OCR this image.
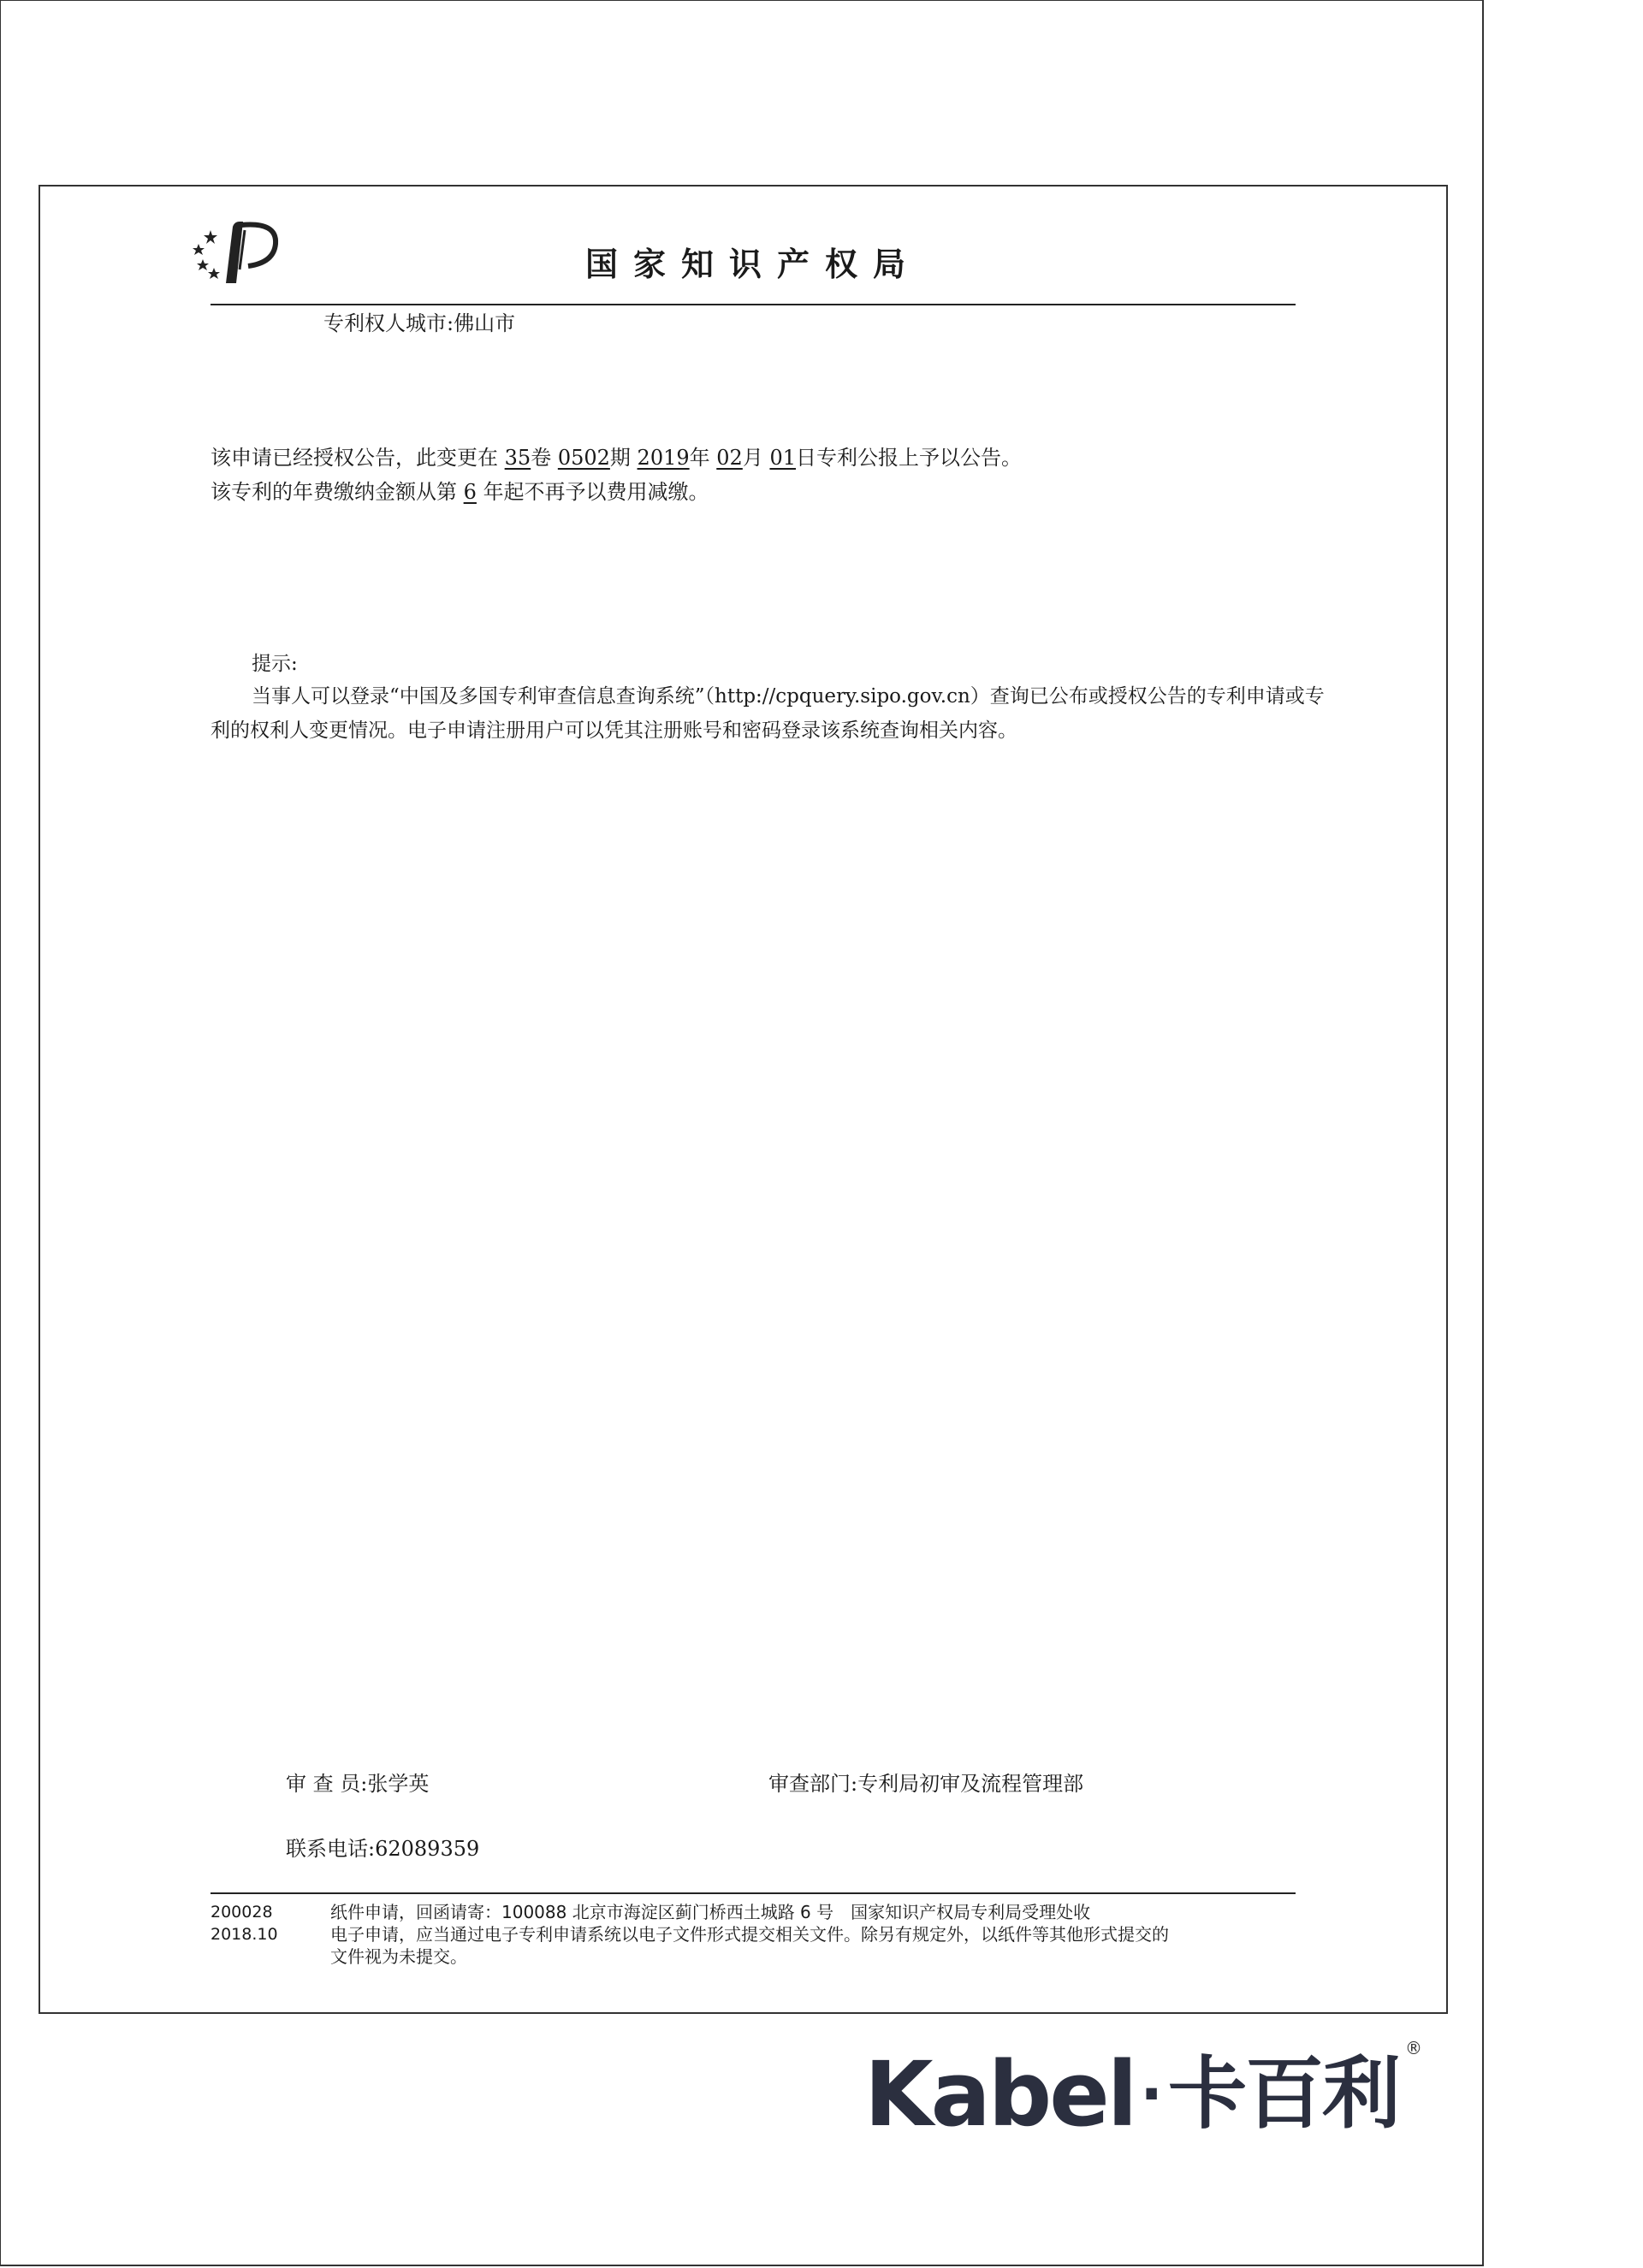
国家知识产权局
专利权人城市:佛山市
该申请已经授权公告，此变更在 35卷 0502期 2019年 02月 01日专利公报上予以公告。
该专利的年费缴纳金额从第 6 年起不再予以费用减缴。
提示:
当事人可以登录“中国及多国专利审查信息查询系统”（http://cpquery.sipo.gov.cn）查询已公布或授权公告的专利申请或专
利的权利人变更情况。电子申请注册用户可以凭其注册账号和密码登录该系统查询相关内容。
审 查 员:张学英	审查部门:专利局初审及流程管理部
联系电话:62089359
200028
2018.10
纸件申请，回函请寄：100088 北京市海淀区蓟门桥西土城路 6 号　国家知识产权局专利局受理处收
电子申请，应当通过电子专利申请系统以电子文件形式提交相关文件。除另有规定外，以纸件等其他形式提交的
文件视为未提交。
Kabel · 卡百利 ®
